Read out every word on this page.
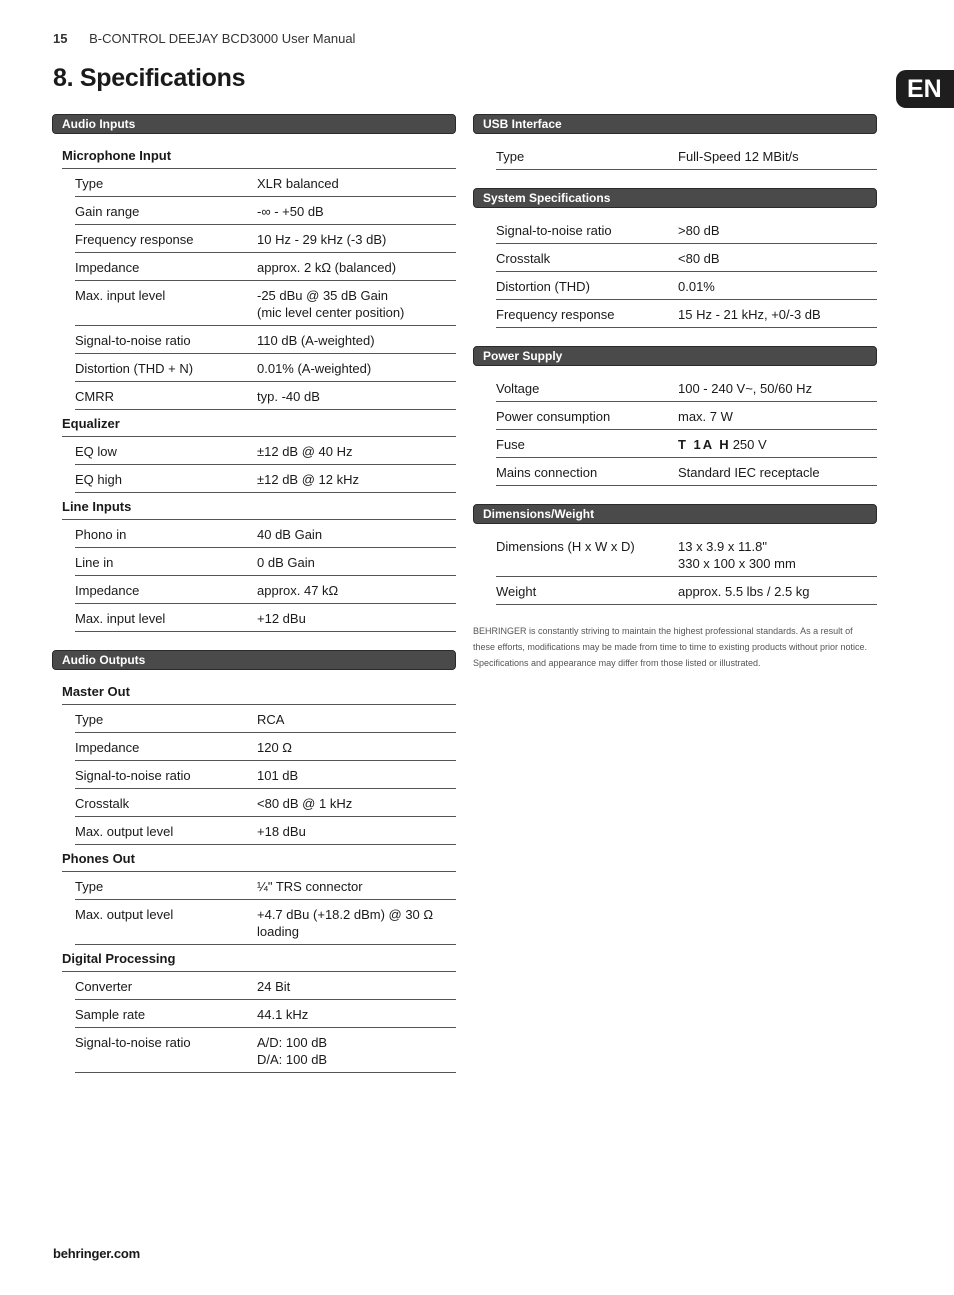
15 B-CONTROL DEEJAY BCD3000 User Manual
8. Specifications	EN
Audio Inputs
Microphone Input
Type	XLR balanced
Gain range	-∞ - +50 dB
Frequency response	10 Hz - 29 kHz (-3 dB)
Impedance	approx. 2 kΩ (balanced)
Max. input level	-25 dBu @ 35 dB Gain
(mic level center position)
Signal-to-noise ratio	110 dB (A-weighted)
Distortion (THD + N)	0.01% (A-weighted)
CMRR	typ. -40 dB
Equalizer
EQ low	±12 dB @ 40 Hz
EQ high	±12 dB @ 12 kHz
Line Inputs
Phono in	40 dB Gain
Line in	0 dB Gain
Impedance	approx. 47 kΩ
Max. input level	+12 dBu
Audio Outputs
Master Out
Type	RCA
Impedance	120 Ω
Signal-to-noise ratio	101 dB
Crosstalk	<80 dB @ 1 kHz
Max. output level	+18 dBu
Phones Out
Type	¼" TRS connector
Max. output level	+4.7 dBu (+18.2 dBm) @ 30 Ω loading
Digital Processing
Converter	24 Bit
Sample rate	44.1 kHz
Signal-to-noise ratio	A/D: 100 dB
D/A: 100 dB
USB Interface
Type	Full-Speed 12 MBit/s
System Specifications
Signal-to-noise ratio	>80 dB
Crosstalk	<80 dB
Distortion (THD)	0.01%
Frequency response	15 Hz - 21 kHz, +0/-3 dB
Power Supply
Voltage	100 - 240 V~, 50/60 Hz
Power consumption	max. 7 W
Fuse	T 1A H 250 V
Mains connection	Standard IEC receptacle
Dimensions/Weight
Dimensions (H x W x D)	13 x 3.9 x 11.8"
330 x 100 x 300 mm
Weight	approx. 5.5 lbs / 2.5 kg
BEHRINGER is constantly striving to maintain the highest professional standards. As a result of these efforts, modifications may be made from time to time to existing products without prior notice. Specifications and appearance may differ from those listed or illustrated.
behringer.com
